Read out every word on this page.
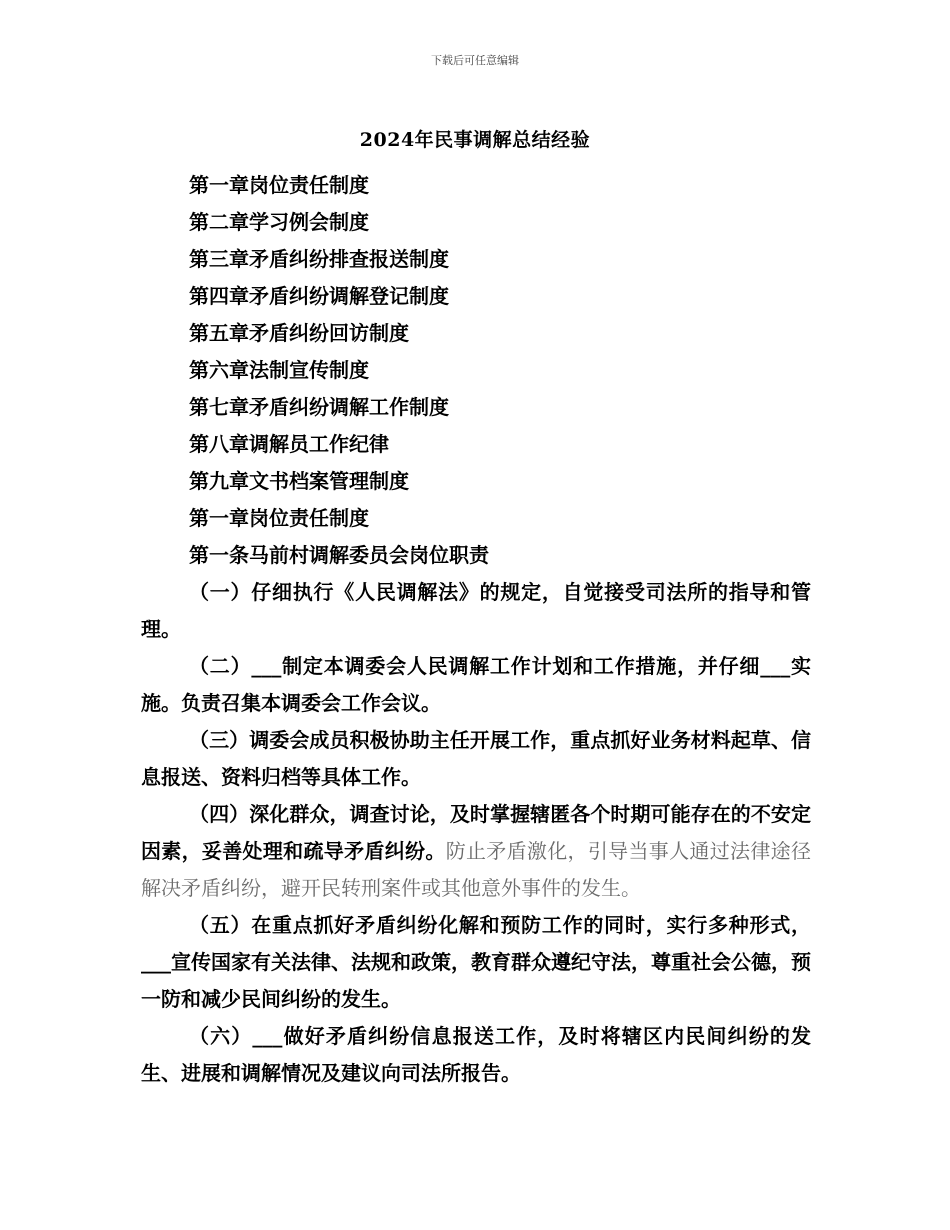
下载后可任意编辑
2024年民事调解总结经验
第一章岗位责任制度
第二章学习例会制度
第三章矛盾纠纷排查报送制度
第四章矛盾纠纷调解登记制度
第五章矛盾纠纷回访制度
第六章法制宣传制度
第七章矛盾纠纷调解工作制度
第八章调解员工作纪律
第九章文书档案管理制度
第一章岗位责任制度
第一条马前村调解委员会岗位职责

（一）仔细执行《人民调解法》的规定，自觉接受司法所的指导和管理。

（二）___制定本调委会人民调解工作计划和工作措施，并仔细___实施。负责召集本调委会工作会议。

（三）调委会成员积极协助主任开展工作，重点抓好业务材料起草、信息报送、资料归档等具体工作。

（四）深化群众，调查讨论，及时掌握辖匿各个时期可能存在的不安定因素，妥善处理和疏导矛盾纠纷。防止矛盾激化，引导当事人通过法律途径解决矛盾纠纷，避开民转刑案件或其他意外事件的发生。

（五）在重点抓好矛盾纠纷化解和预防工作的同时，实行多种形式，___宣传国家有关法律、法规和政策，教育群众遵纪守法，尊重社会公德，预一防和减少民间纠纷的发生。

（六）___做好矛盾纠纷信息报送工作，及时将辖区内民间纠纷的发生、进展和调解情况及建议向司法所报告。
